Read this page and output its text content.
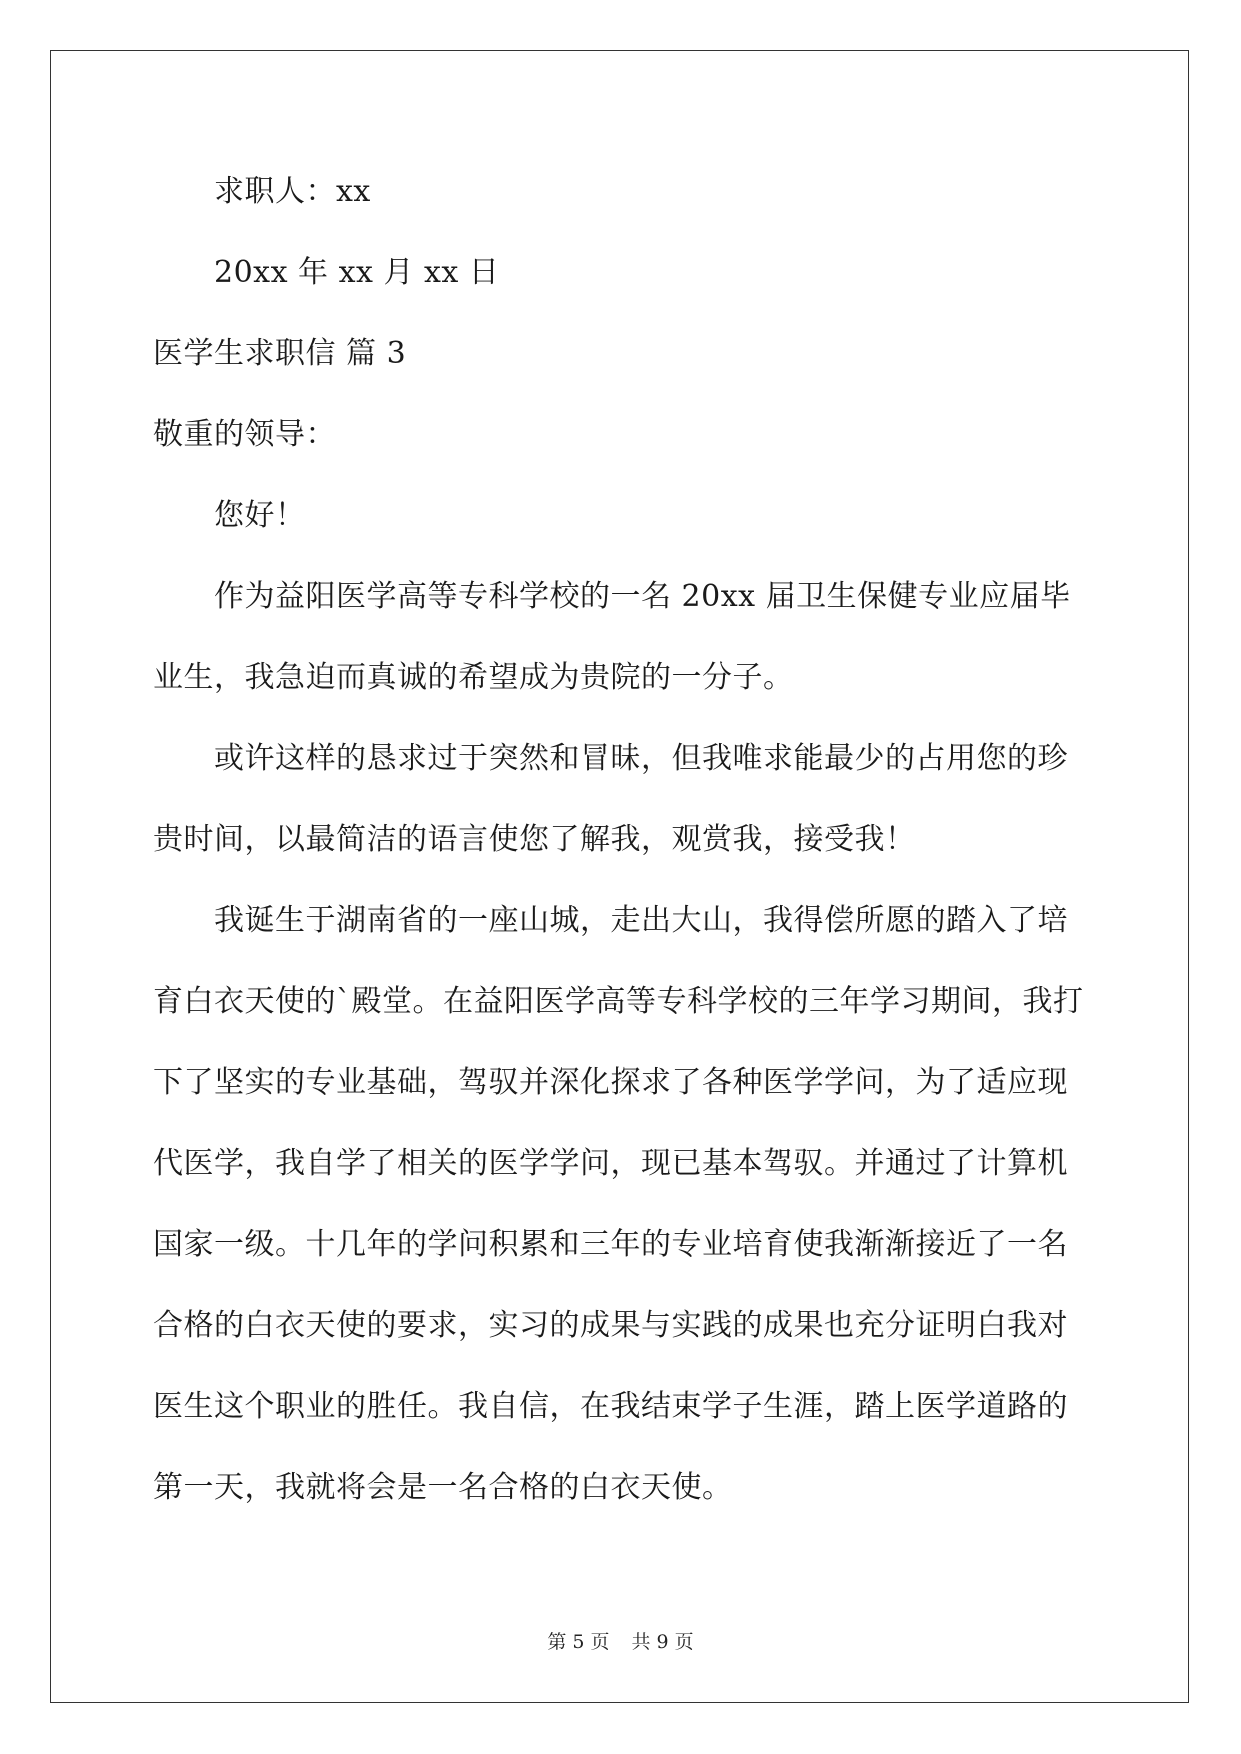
求职人：xx
20xx 年 xx 月 xx 日
医学生求职信 篇 3
敬重的领导：
您好！
作为益阳医学高等专科学校的一名 20xx 届卫生保健专业应届毕
业生，我急迫而真诚的希望成为贵院的一分子。
或许这样的恳求过于突然和冒昧，但我唯求能最少的占用您的珍
贵时间，以最简洁的语言使您了解我，观赏我，接受我！
我诞生于湖南省的一座山城，走出大山，我得偿所愿的踏入了培
育白衣天使的`殿堂。在益阳医学高等专科学校的三年学习期间，我打
下了坚实的专业基础，驾驭并深化探求了各种医学学问，为了适应现
代医学，我自学了相关的医学学问，现已基本驾驭。并通过了计算机
国家一级。十几年的学问积累和三年的专业培育使我渐渐接近了一名
合格的白衣天使的要求，实习的成果与实践的成果也充分证明白我对
医生这个职业的胜任。我自信，在我结束学子生涯，踏上医学道路的
第一天，我就将会是一名合格的白衣天使。
第 5 页 共 9 页
